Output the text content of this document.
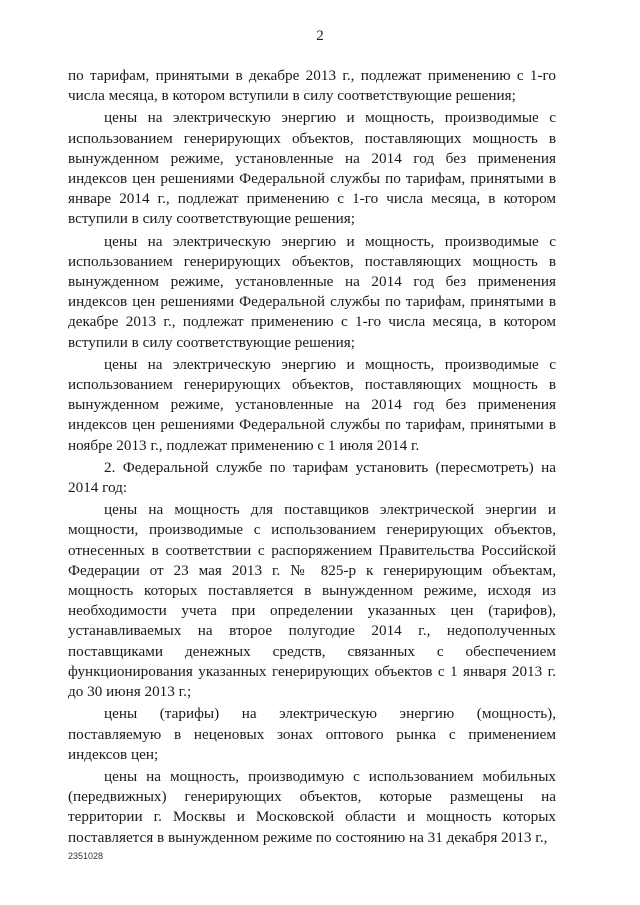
2

по тарифам, принятыми в декабре 2013 г., подлежат применению с 1-го числа месяца, в котором вступили в силу соответствующие решения;

цены на электрическую энергию и мощность, производимые с использованием генерирующих объектов, поставляющих мощность в вынужденном режиме, установленные на 2014 год без применения индексов цен решениями Федеральной службы по тарифам, принятыми в январе 2014 г., подлежат применению с 1-го числа месяца, в котором вступили в силу соответствующие решения;

цены на электрическую энергию и мощность, производимые с использованием генерирующих объектов, поставляющих мощность в вынужденном режиме, установленные на 2014 год без применения индексов цен решениями Федеральной службы по тарифам, принятыми в декабре 2013 г., подлежат применению с 1-го числа месяца, в котором вступили в силу соответствующие решения;

цены на электрическую энергию и мощность, производимые с использованием генерирующих объектов, поставляющих мощность в вынужденном режиме, установленные на 2014 год без применения индексов цен решениями Федеральной службы по тарифам, принятыми в ноябре 2013 г., подлежат применению с 1 июля 2014 г.

2. Федеральной службе по тарифам установить (пересмотреть) на 2014 год:

цены на мощность для поставщиков электрической энергии и мощности, производимые с использованием генерирующих объектов, отнесенных в соответствии с распоряжением Правительства Российской Федерации от 23 мая 2013 г. № 825-р к генерирующим объектам, мощность которых поставляется в вынужденном режиме, исходя из необходимости учета при определении указанных цен (тарифов), устанавливаемых на второе полугодие 2014 г., недополученных поставщиками денежных средств, связанных с обеспечением функционирования указанных генерирующих объектов с 1 января 2013 г. до 30 июня 2013 г.;

цены (тарифы) на электрическую энергию (мощность), поставляемую в неценовых зонах оптового рынка с применением индексов цен;

цены на мощность, производимую с использованием мобильных (передвижных) генерирующих объектов, которые размещены на территории г. Москвы и Московской области и мощность которых поставляется в вынужденном режиме по состоянию на 31 декабря 2013 г.,

2351028
